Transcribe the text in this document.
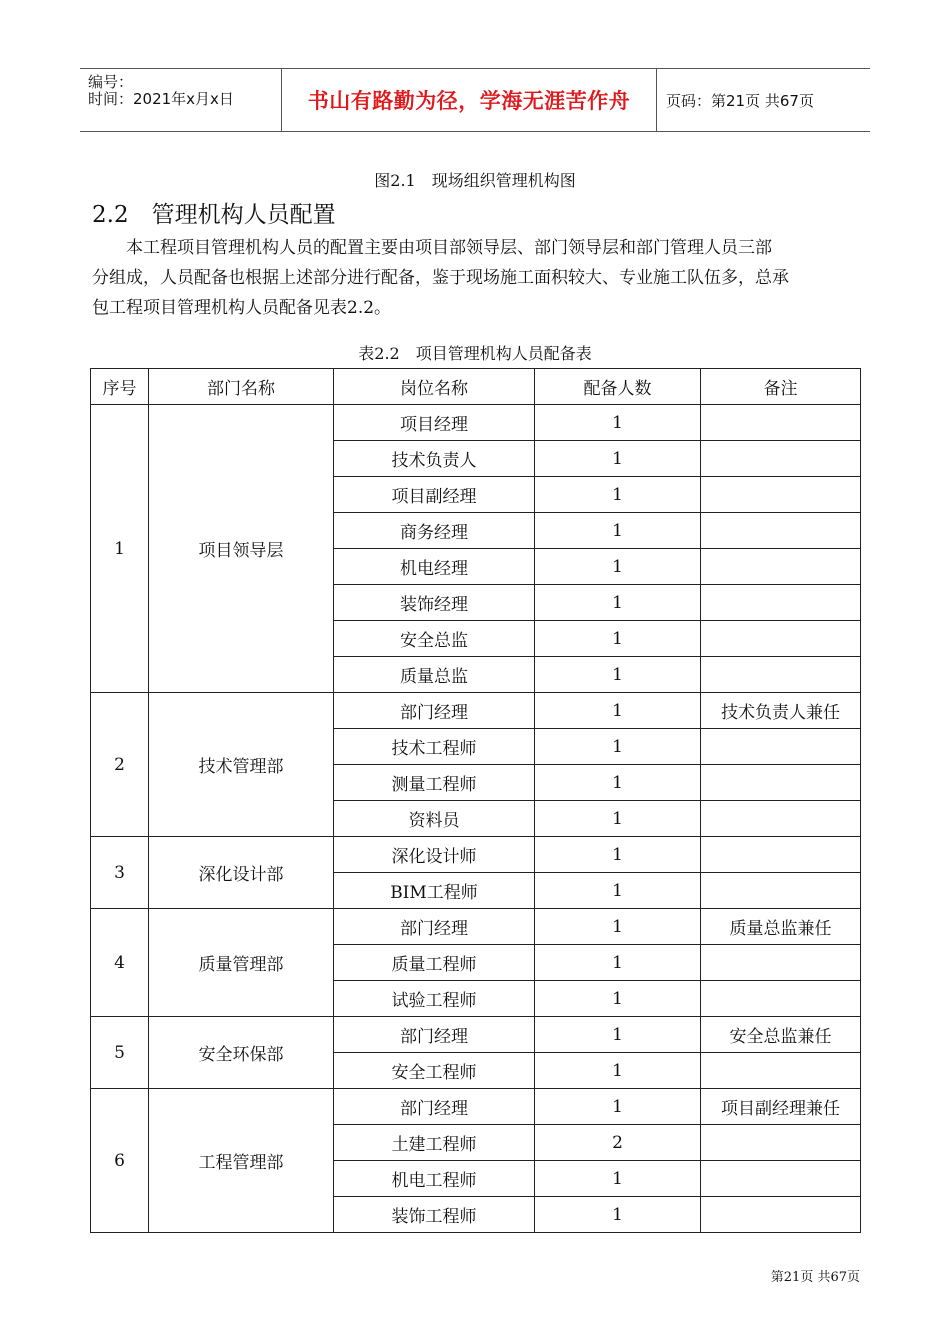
编号：
时间：2021年x月x日	书山有路勤为径，学海无涯苦作舟 页码：第21页 共67页
图2.1　现场组织管理机构图
2.2　管理机构人员配置
本工程项目管理机构人员的配置主要由项目部领导层、部门领导层和部门管理人员三部
分组成，人员配备也根据上述部分进行配备，鉴于现场施工面积较大、专业施工队伍多，总承
包工程项目管理机构人员配备见表2.2。
表2.2　项目管理机构人员配备表
序号	部门名称	岗位名称	配备人数	备注
1	项目领导层	项目经理	1	
		技术负责人	1	
		项目副经理	1	
		商务经理	1	
		机电经理	1	
		装饰经理	1	
		安全总监	1	
		质量总监	1	
2	技术管理部	部门经理	1	技术负责人兼任
		技术工程师	1	
		测量工程师	1	
		资料员	1	
3	深化设计部	深化设计师	1	
		BIM工程师	1	
4	质量管理部	部门经理	1	质量总监兼任
		质量工程师	1	
		试验工程师	1	
5	安全环保部	部门经理	1	安全总监兼任
		安全工程师	1	
6	工程管理部	部门经理	1	项目副经理兼任
		土建工程师	2	
		机电工程师	1	
		装饰工程师	1	
第21页 共67页
